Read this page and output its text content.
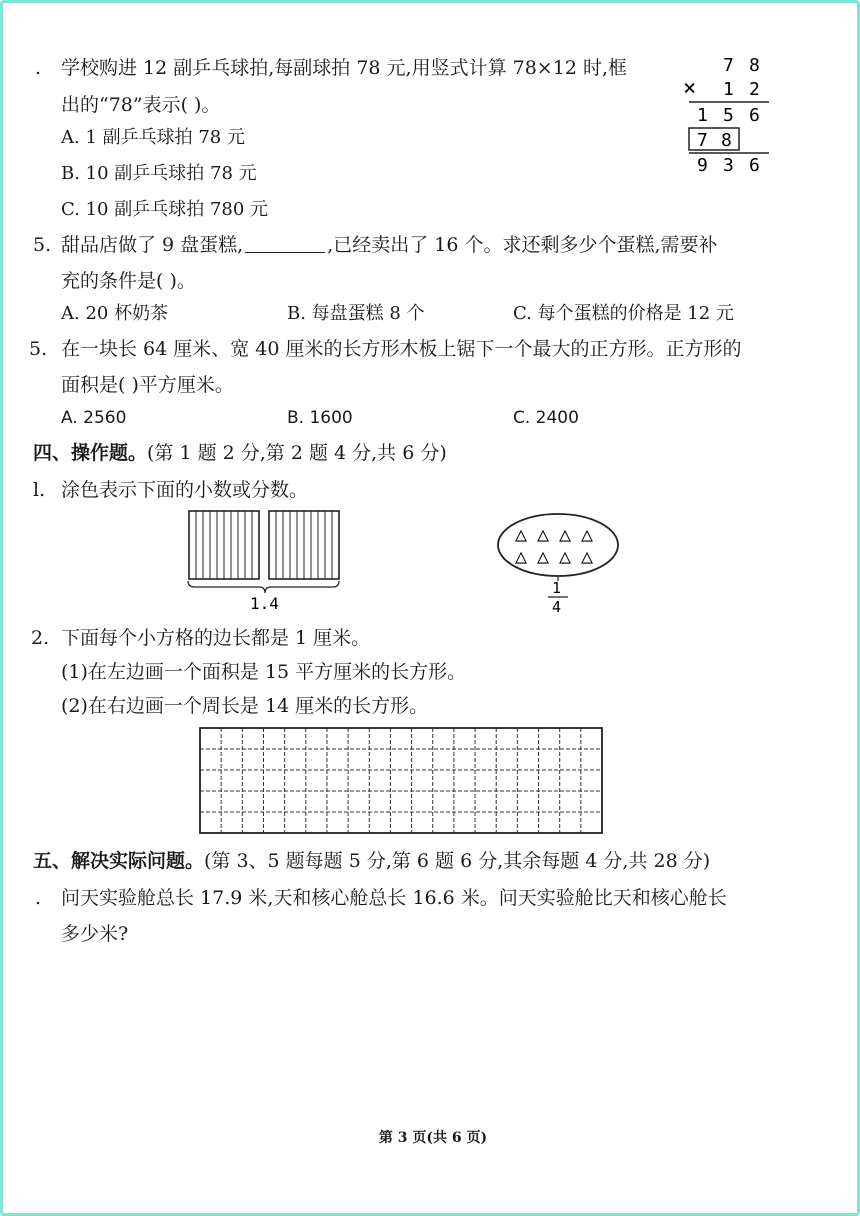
. 学校购进 12 副乒乓球拍,每副球拍 78 元,用竖式计算 78×12 时,框
出的“78”表示( )。
A. 1 副乒乓球拍 78 元
B. 10 副乒乓球拍 78 元
C. 10 副乒乓球拍 780 元
7 8
× 1 2
1 5 6
7 8
9 3 6
5. 甜品店做了 9 盘蛋糕,	,已经卖出了 16 个。求还剩多少个蛋糕,需要补
充的条件是( )。
A. 20 杯奶茶	B. 每盘蛋糕 8 个	C. 每个蛋糕的价格是 12 元
5. 在一块长 64 厘米、宽 40 厘米的长方形木板上锯下一个最大的正方形。正方形的
面积是( )平方厘米。
A. 2560	B. 1600	C. 2400
四、操作题。(第 1 题 2 分,第 2 题 4 分,共 6 分)
l. 涂色表示下面的小数或分数。
1.4
△ △ △ △
△ △ △ △
1
4
2. 下面每个小方格的边长都是 1 厘米。
(1)在左边画一个面积是 15 平方厘米的长方形。
(2)在右边画一个周长是 14 厘米的长方形。
五、解决实际问题。(第 3、5 题每题 5 分,第 6 题 6 分,其余每题 4 分,共 28 分)
. 问天实验舱总长 17.9 米,天和核心舱总长 16.6 米。问天实验舱比天和核心舱长
多少米?
第 3 页(共 6 页)
